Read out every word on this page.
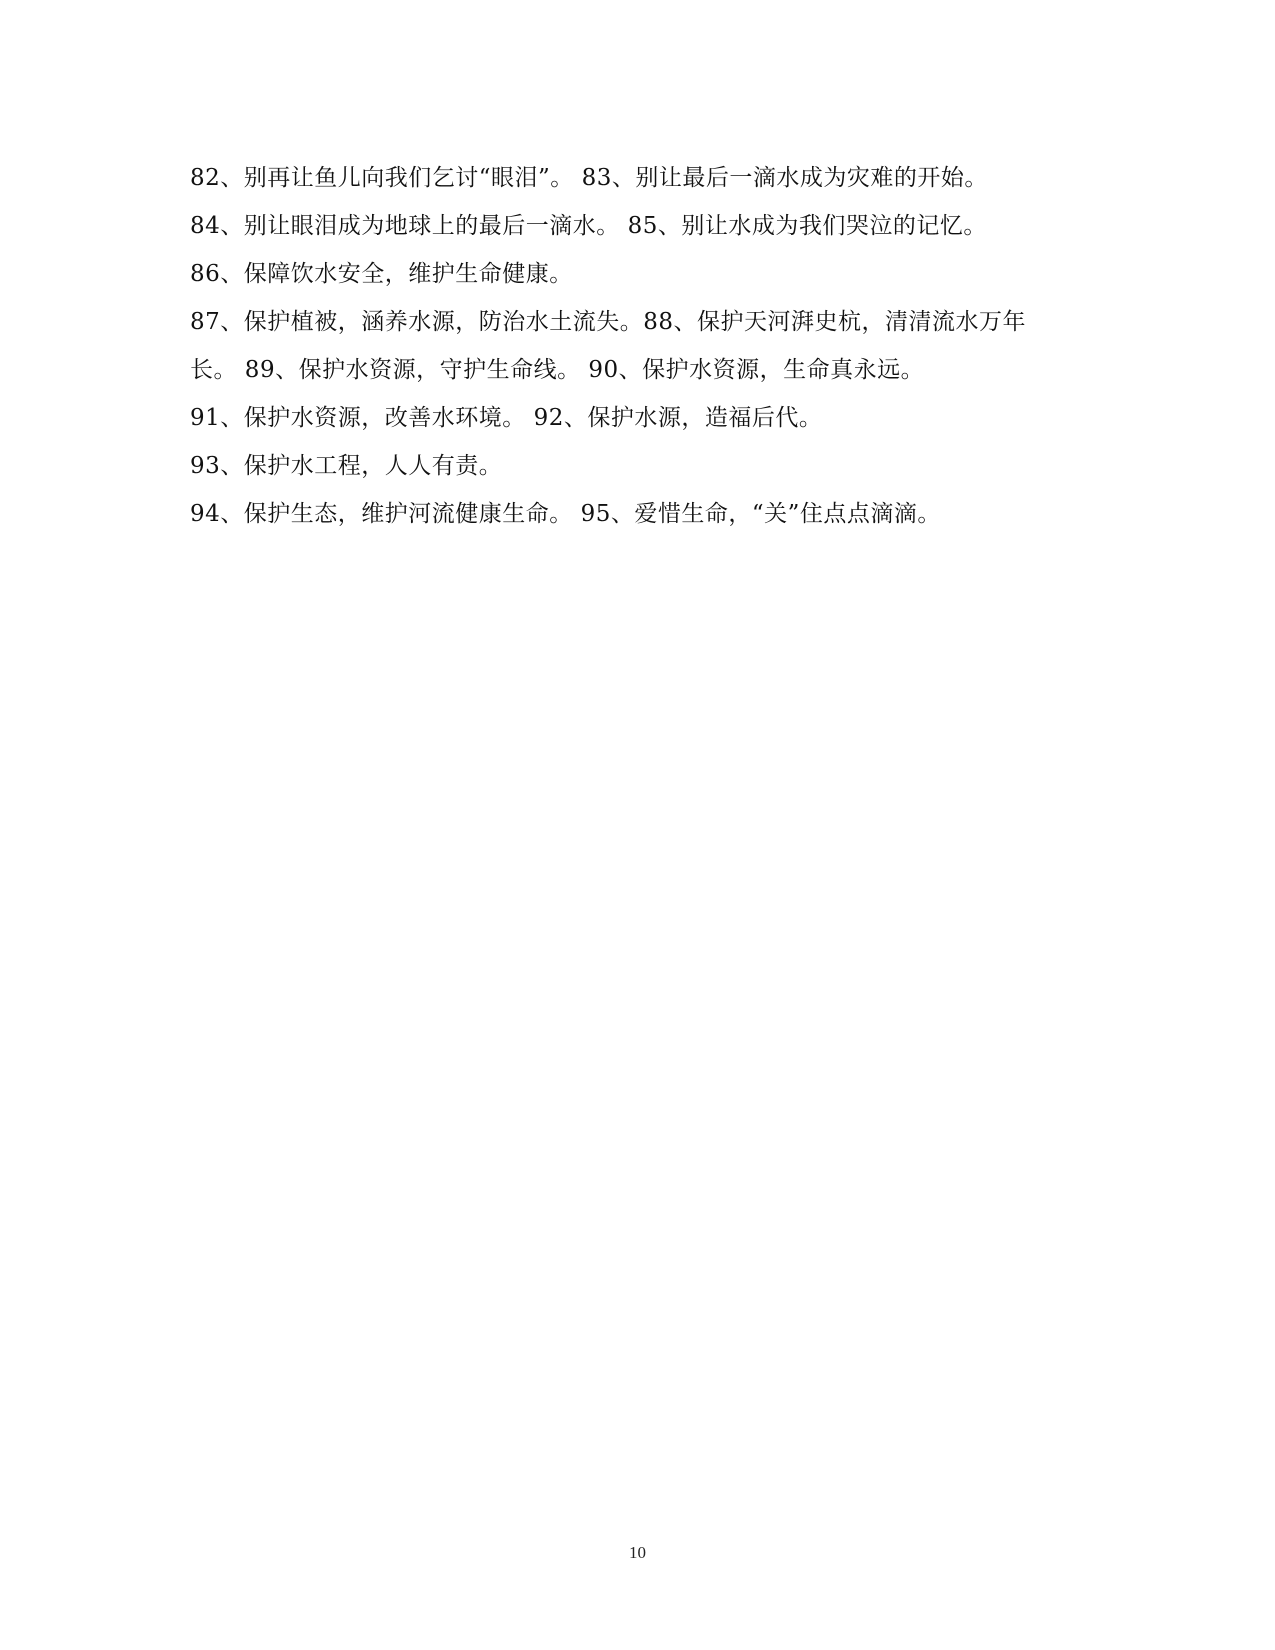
82、别再让鱼儿向我们乞讨“眼泪”。 83、别让最后一滴水成为灾难的开始。
84、别让眼泪成为地球上的最后一滴水。 85、别让水成为我们哭泣的记忆。
86、保障饮水安全，维护生命健康。
87、保护植被，涵养水源，防治水土流失。88、保护天河湃史杭，清清流水万年
长。 89、保护水资源，守护生命线。 90、保护水资源，生命真永远。
91、保护水资源，改善水环境。 92、保护水源，造福后代。
93、保护水工程，人人有责。
94、保护生态，维护河流健康生命。 95、爱惜生命，“关”住点点滴滴。
10
